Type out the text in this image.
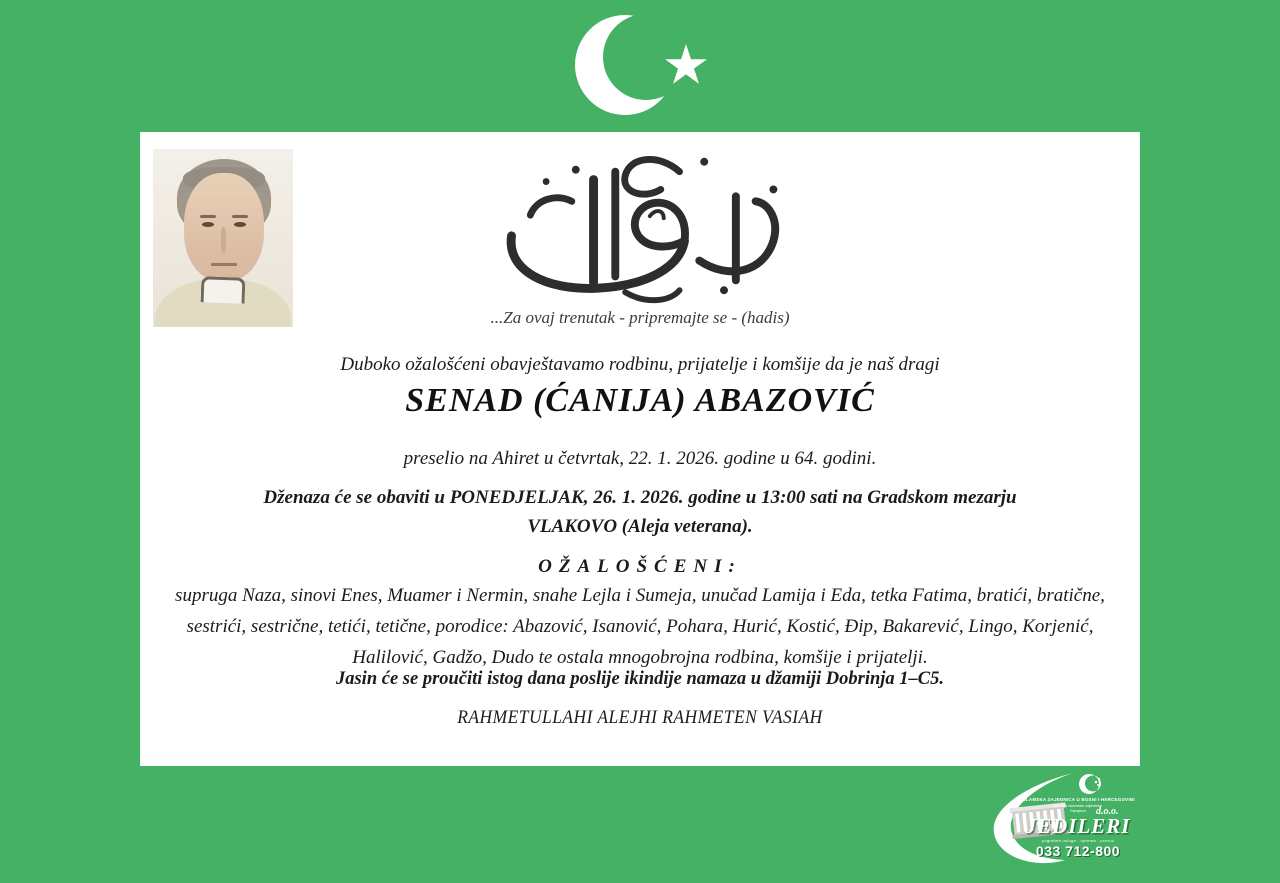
...Za ovaj trenutak - pripremajte se - (hadis)
Duboko ožalošćeni obavještavamo rodbinu, prijatelje i komšije da je naš dragi
SENAD (ĆANIJA) ABAZOVIĆ
preselio na Ahiret u četvrtak, 22. 1. 2026. godine u 64. godini.
Dženaza će se obaviti u PONEDJELJAK, 26. 1. 2026. godine u 13:00 sati na Gradskom mezarju
VLAKOVO (Aleja veterana).
OŽALOŠĆENI:
supruga Naza, sinovi Enes, Muamer i Nermin, snahe Lejla i Sumeja, unučad Lamija i Eda, tetka Fatima, bratići, bratične,
sestrići, sestrične, tetići, tetične, porodice: Abazović, Isanović, Pohara, Hurić, Kostić, Đip, Bakarević, Lingo, Korjenić,
Halilović, Gadžo, Dudo te ostala mnogobrojna rodbina, komšije i prijatelji.
Jasin će se proučiti istog dana poslije ikindije namaza u džamiji Dobrinja 1–C5.
RAHMETULLAHI ALEJHI RAHMETEN VASIAH
ISLAMSKA ZAJEDNICA U BOSNI I HERCEGOVINI
Medžlis Islamske zajednice
Sarajevo	d.o.o.
JEDILERI
pogrebne usluge - oprema - prevoz
033 712-800
